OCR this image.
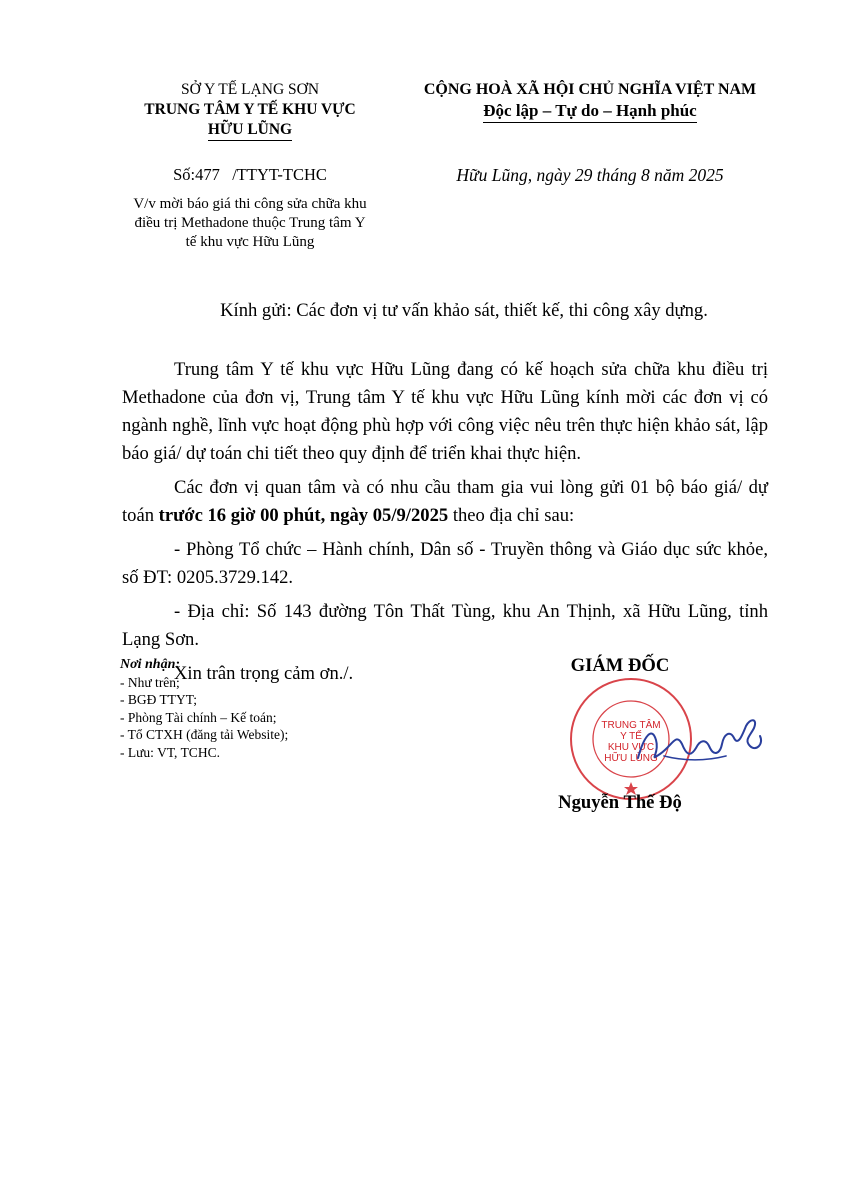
SỞ Y TẾ LẠNG SƠN
TRUNG TÂM Y TẾ KHU VỰC
HỮU LŨNG
Số:477   /TTYT-TCHC
V/v mời báo giá thi công sửa chữa khu
điều trị Methadone thuộc Trung tâm Y
tế khu vực Hữu Lũng
CỘNG HOÀ XÃ HỘI CHỦ NGHĨA VIỆT NAM
Độc lập – Tự do – Hạnh phúc
Hữu Lũng, ngày 29 tháng 8 năm 2025
Kính gửi: Các đơn vị tư vấn khảo sát, thiết kế, thi công xây dựng.

Trung tâm Y tế khu vực Hữu Lũng đang có kế hoạch sửa chữa khu điều trị Methadone của đơn vị, Trung tâm Y tế khu vực Hữu Lũng kính mời các đơn vị có ngành nghề, lĩnh vực hoạt động phù hợp với công việc nêu trên thực hiện khảo sát, lập báo giá/ dự toán chi tiết theo quy định để triển khai thực hiện.

Các đơn vị quan tâm và có nhu cầu tham gia vui lòng gửi 01 bộ báo giá/ dự toán trước 16 giờ 00 phút, ngày 05/9/2025 theo địa chỉ sau:

- Phòng Tổ chức – Hành chính, Dân số - Truyền thông và Giáo dục sức khỏe, số ĐT: 0205.3729.142.

- Địa chỉ: Số 143 đường Tôn Thất Tùng, khu An Thịnh, xã Hữu Lũng, tỉnh Lạng Sơn.

Xin trân trọng cảm ơn./.

Nơi nhận:
- Như trên;
- BGĐ TTYT;
- Phòng Tài chính – Kế toán;
- Tổ CTXH (đăng tải Website);
- Lưu: VT, TCHC.
GIÁM ĐỐC
TRUNG TÂM
Y TẾ
KHU VỰC
HỮU LŨNG
Nguyễn Thế Độ
